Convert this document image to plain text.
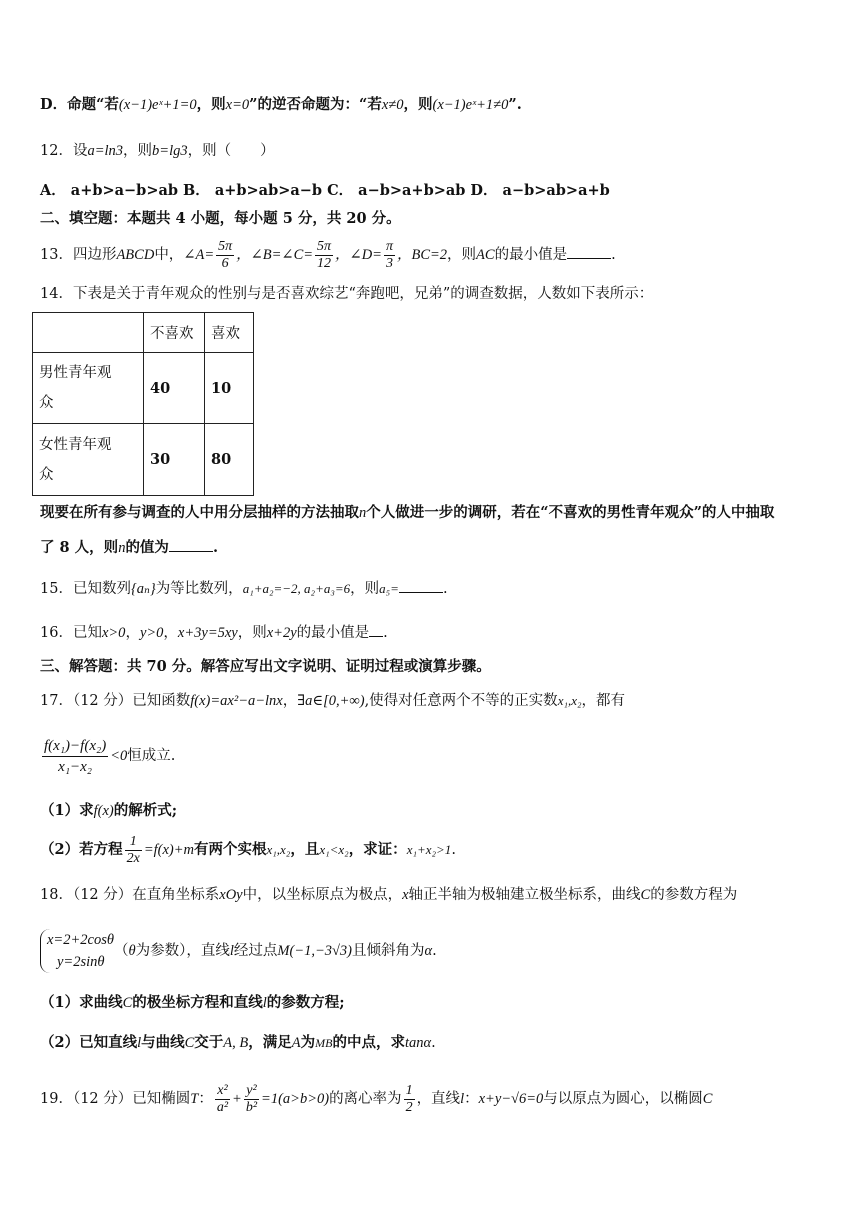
D．命题“若(x−1)eˣ+1=0，则x=0”的逆否命题为：“若x≠0，则(x−1)eˣ+1≠0”.
12．设a=ln3，则b=lg3，则（　　）
A． a+b>a−b>ab B． a+b>ab>a−b C． a−b>a+b>ab D． a−b>ab>a+b
二、填空题：本题共 4 小题，每小题 5 分，共 20 分。
13．四边形ABCD中，∠A= $\frac{5\pi}{6}$ ，∠B=∠C= $\frac{5\pi}{12}$ ，∠D= $\frac{\pi}{3}$ ，BC=2，则AC的最小值是	.
14．下表是关于青年观众的性别与是否喜欢综艺“奔跑吧，兄弟”的调查数据，人数如下表所示：
	不喜欢	喜欢
男性青年观
众	40	10
女性青年观
众	30	80
现要在所有参与调查的人中用分层抽样的方法抽取n个人做进一步的调研，若在“不喜欢的男性青年观众”的人中抽取
了 8 人，则n的值为	.
15．已知数列{aₙ}为等比数列，a₁+a₂=−2, a₂+a₃=6，则a₅=	.
16．已知x>0，y>0，x+3y=5xy，则x+2y的最小值是 .
三、解答题：共 70 分。解答应写出文字说明、证明过程或演算步骤。
17．（12 分）已知函数f(x)=ax²−a−lnx，∃a∈[0,+∞),使得对任意两个不等的正实数x₁,x₂，都有
$\frac{\text{f(x₁)−f(x₂)}}{\text{x₁−x₂}} <0$恒成立.
（1）求f(x)的解析式;
（2）若方程 $\frac{1}{2x} =f(x)+m$有两个实根x₁,x₂，且x₁<x₂，求证：x₁+x₂>1.
18．（12 分）在直角坐标系xOy中，以坐标原点为极点，x轴正半轴为极轴建立极坐标系，曲线C的参数方程为
x=2+2cosθ
y=2sinθ
（θ为参数），直线l经过点M(−1,−3√3)且倾斜角为α.
（1）求曲线C的极坐标方程和直线l的参数方程;
（2）已知直线l与曲线C交于A, B，满足A为MB的中点，求tanα.
19．（12 分）已知椭圆T： $\frac{\text{x²}}{\text{a²}} + \frac{\text{y²}}{\text{b²}} =1(a>b>0)$的离心率为 $\frac{1}{2}$ ，直线l：x+y−√6=0与以原点为圆心，以椭圆C
